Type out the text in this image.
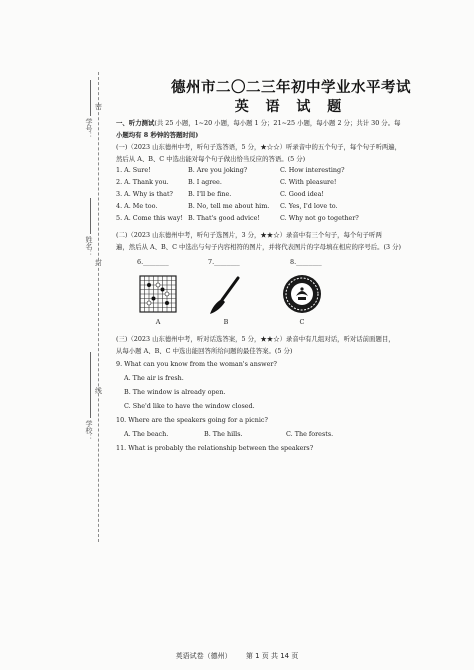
学号：
姓名：
学校：
密
封
线
德州市二〇二三年初中学业水平考试
英 语 试 题
一、听力测试(共 25 小题，1~20 小题，每小题 1 分；21~25 小题，每小题 2 分；共计 30 分。每
小题均有 8 秒钟的答题时间)
(一)（2023 山东德州中考，听句子选答语，5 分，★☆☆）听录音中的五个句子，每个句子听两遍，
然后从 A、B、C 中选出能对每个句子做出恰当反应的答语。(5 分)
1. A. Sure!	B. Are you joking?	C. How interesting?
2. A. Thank you.	B. I agree.	C. With pleasure!
3. A. Why is that? B. I'll be fine.	C. Good idea!
4. A. Me too.	B. No, tell me about him. C. Yes, I'd love to.
5. A. Come this way! B. That's good advice!	C. Why not go together?
(二)（2023 山东德州中考，听句子选图片，3 分，★★☆）录音中有三个句子，每个句子听两
遍，然后从 A、B、C 中选出与句子内容相符的图片，并将代表图片的字母填在相应的序号后。(3 分)
6.________	7.________	8.________
A	B	C
(三)（2023 山东德州中考，听对话选答案，5 分，★★☆）录音中有几组对话，听对话前面题目，
从每小题 A、B、C 中选出能回答所给问题的最佳答案。(5 分)
9. What can you know from the woman's answer?
A. The air is fresh.
B. The window is already open.
C. She'd like to have the window closed.
10. Where are the speakers going for a picnic?
A. The beach.	B. The hills.	C. The forests.
11. What is probably the relationship between the speakers?
英语试卷（德州） 第 1 页 共 14 页
